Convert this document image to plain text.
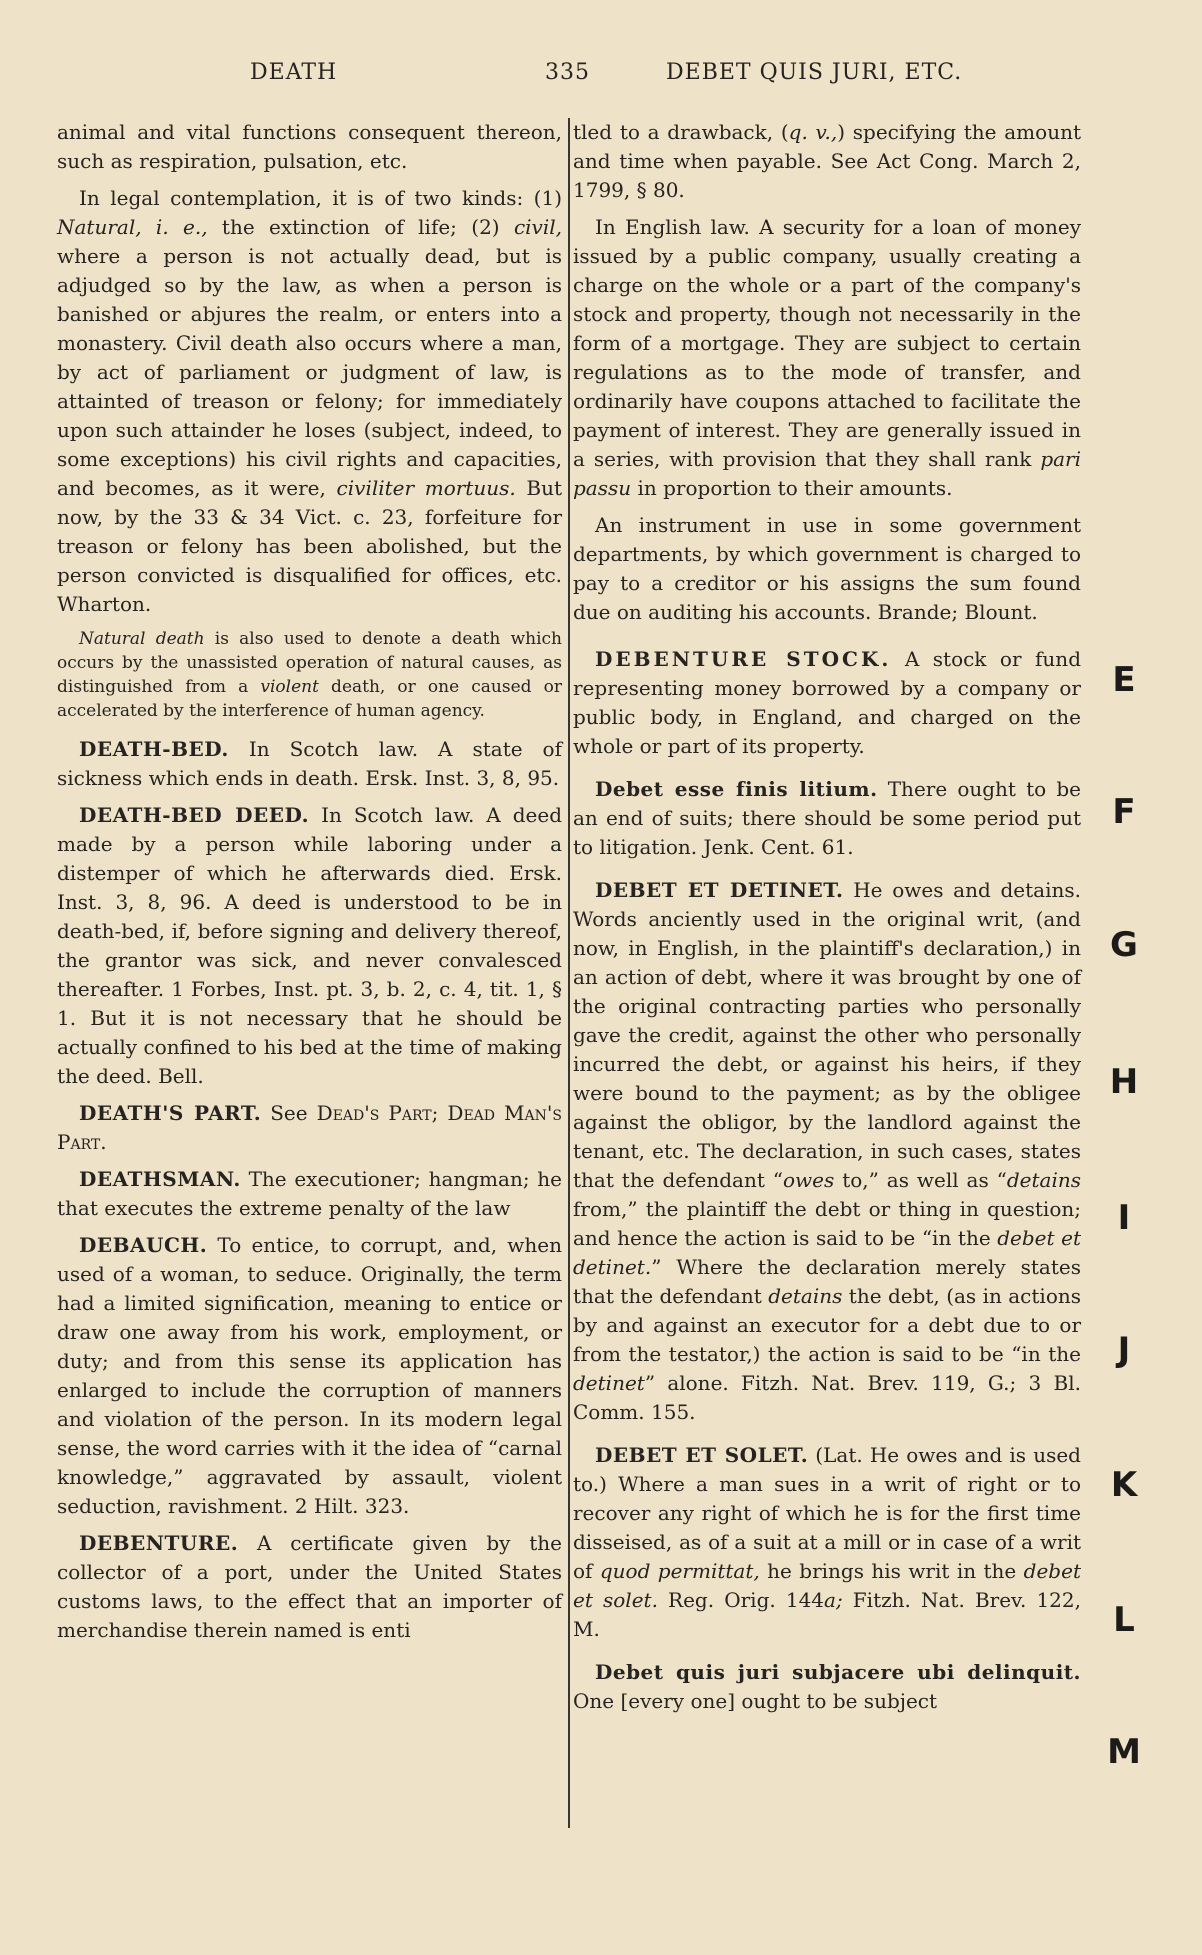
DEATH	335	DEBET QUIS JURI, ETC.

animal and vital functions consequent thereon, such as respiration, pulsation, etc.

In legal contemplation, it is of two kinds: (1) Natural, i. e., the extinction of life; (2) civil, where a person is not actually dead, but is adjudged so by the law, as when a person is banished or abjures the realm, or enters into a monastery. Civil death also occurs where a man, by act of parliament or judgment of law, is attainted of treason or felony; for immediately upon such attainder he loses (subject, indeed, to some exceptions) his civil rights and capacities, and becomes, as it were, civiliter mortuus. But now, by the 33 & 34 Vict. c. 23, forfeiture for treason or felony has been abolished, but the person convicted is disqualified for offices, etc. Wharton.

Natural death is also used to denote a death which occurs by the unassisted operation of natural causes, as distinguished from a violent death, or one caused or accelerated by the interference of human agency.

DEATH-BED. In Scotch law. A state of sickness which ends in death. Ersk. Inst. 3, 8, 95.

DEATH-BED DEED. In Scotch law. A deed made by a person while laboring under a distemper of which he afterwards died. Ersk. Inst. 3, 8, 96. A deed is understood to be in death-bed, if, before signing and delivery thereof, the grantor was sick, and never convalesced thereafter. 1 Forbes, Inst. pt. 3, b. 2, c. 4, tit. 1, § 1. But it is not necessary that he should be actually confined to his bed at the time of making the deed. Bell.

DEATH'S PART. See Dead's Part; Dead Man's Part.

DEATHSMAN. The executioner; hangman; he that executes the extreme penalty of the law

DEBAUCH. To entice, to corrupt, and, when used of a woman, to seduce. Originally, the term had a limited signification, meaning to entice or draw one away from his work, employment, or duty; and from this sense its application has enlarged to include the corruption of manners and violation of the person. In its modern legal sense, the word carries with it the idea of “carnal knowledge,” aggravated by assault, violent seduction, ravishment. 2 Hilt. 323.

DEBENTURE. A certificate given by the collector of a port, under the United States customs laws, to the effect that an importer of merchandise therein named is enti

tled to a drawback, (q. v.,) specifying the amount and time when payable. See Act Cong. March 2, 1799, § 80.

In English law. A security for a loan of money issued by a public company, usually creating a charge on the whole or a part of the company's stock and property, though not necessarily in the form of a mortgage. They are subject to certain regulations as to the mode of transfer, and ordinarily have coupons attached to facilitate the payment of interest. They are generally issued in a series, with provision that they shall rank pari passu in proportion to their amounts.

An instrument in use in some government departments, by which government is charged to pay to a creditor or his assigns the sum found due on auditing his accounts. Brande; Blount.

DEBENTURE STOCK. A stock or fund representing money borrowed by a company or public body, in England, and charged on the whole or part of its property.

Debet esse finis litium. There ought to be an end of suits; there should be some period put to litigation. Jenk. Cent. 61.

DEBET ET DETINET. He owes and detains. Words anciently used in the original writ, (and now, in English, in the plaintiff's declaration,) in an action of debt, where it was brought by one of the original contracting parties who personally gave the credit, against the other who personally incurred the debt, or against his heirs, if they were bound to the payment; as by the obligee against the obligor, by the landlord against the tenant, etc. The declaration, in such cases, states that the defendant “owes to,” as well as “detains from,” the plaintiff the debt or thing in question; and hence the action is said to be “in the debet et detinet.” Where the declaration merely states that the defendant detains the debt, (as in actions by and against an executor for a debt due to or from the testator,) the action is said to be “in the detinet” alone. Fitzh. Nat. Brev. 119, G.; 3 Bl. Comm. 155.

DEBET ET SOLET. (Lat. He owes and is used to.) Where a man sues in a writ of right or to recover any right of which he is for the first time disseised, as of a suit at a mill or in case of a writ of quod permittat, he brings his writ in the debet et solet. Reg. Orig. 144a; Fitzh. Nat. Brev. 122, M.

Debet quis juri subjacere ubi delinquit. One [every one] ought to be subject

E
F
G
H
I
J
K
L
M
